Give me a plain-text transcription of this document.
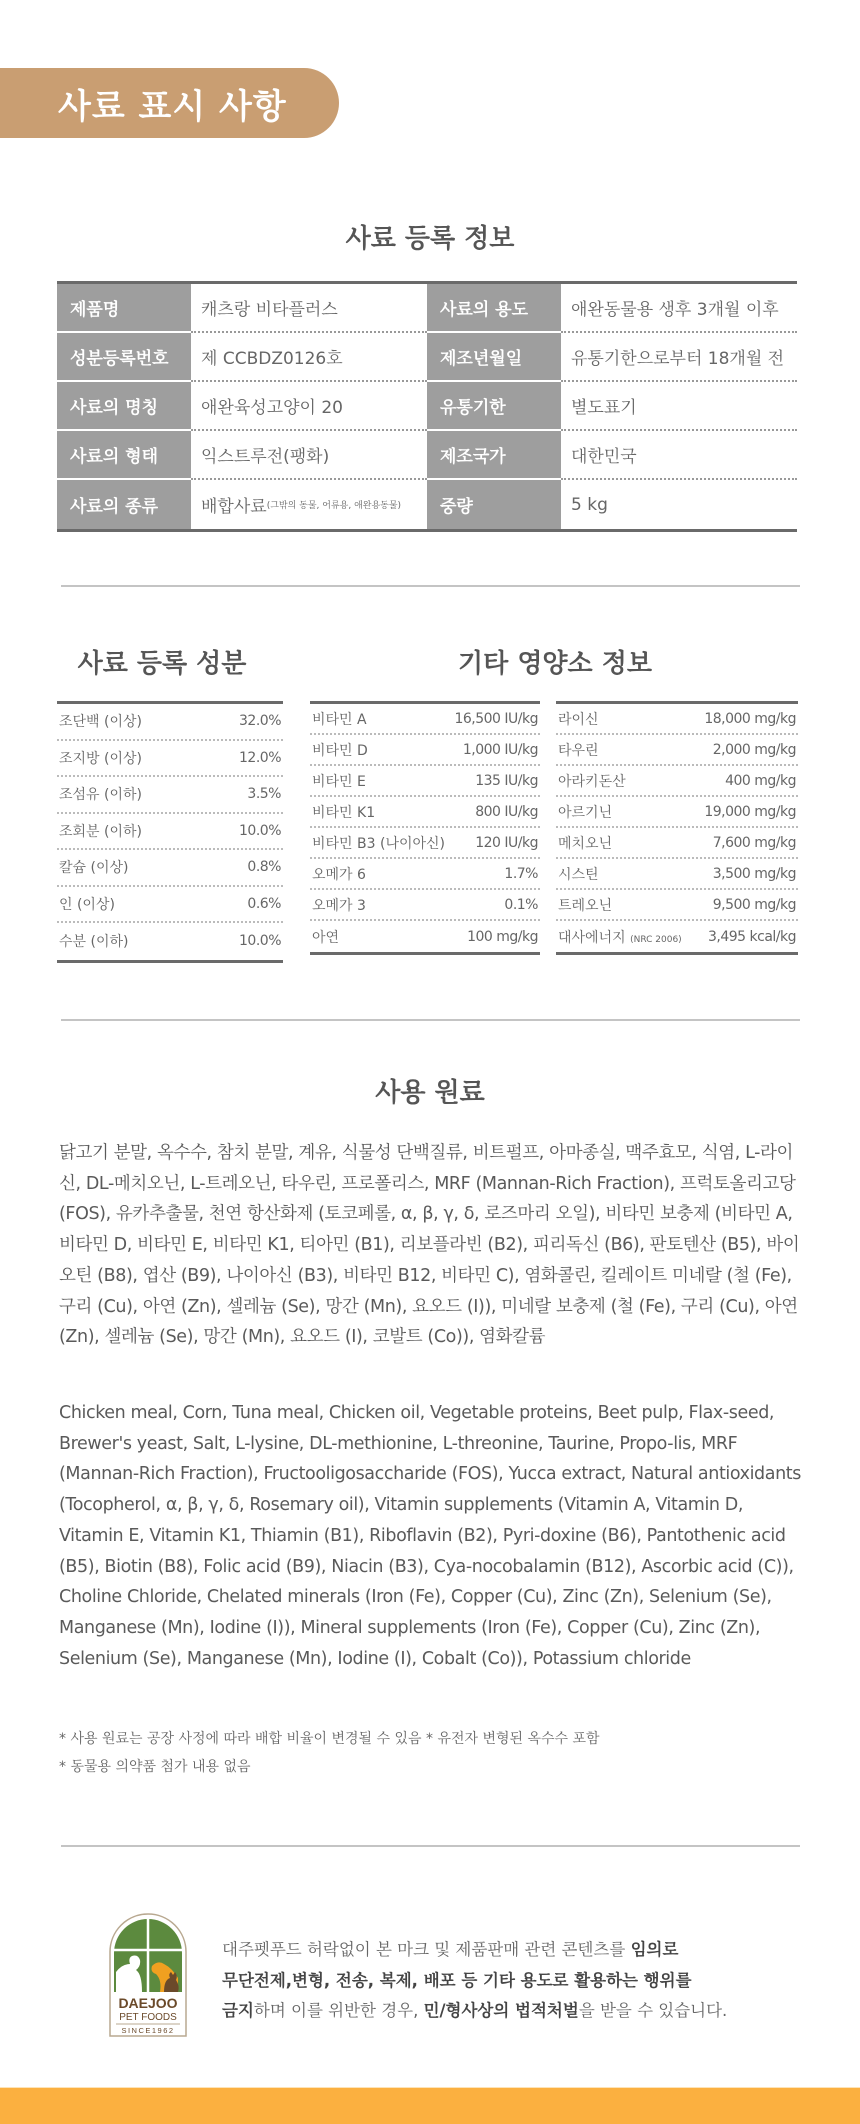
사료 표시 사항
사료 등록 정보
제품명	캐츠랑 비타플러스	사료의 용도	애완동물용 생후 3개월 이후
성분등록번호	제 CCBDZ0126호	제조년월일	유통기한으로부터 18개월 전
사료의 명칭	애완육성고양이 20	유통기한	별도표기
사료의 형태	익스트루전(팽화)	제조국가	대한민국
사료의 종류	배합사료 (그밖의 동물, 어류용, 애완용동물)	중량	5 kg
사료 등록 성분	기타 영양소 정보
조단백 (이상)	32.0%
조지방 (이상)	12.0%
조섬유 (이하)	3.5%
조회분 (이하)	10.0%
칼슘 (이상)	0.8%
인 (이상)	0.6%
수분 (이하)	10.0%
비타민 A	16,500 IU/kg
비타민 D	1,000 IU/kg
비타민 E	135 IU/kg
비타민 K1	800 IU/kg
비타민 B3 (나이아신) 120 IU/kg
오메가 6	1.7%
오메가 3	0.1%
아연	100 mg/kg
라이신	18,000 mg/kg
타우린	2,000 mg/kg
아라키돈산	400 mg/kg
아르기닌	19,000 mg/kg
메치오닌	7,600 mg/kg
시스틴	3,500 mg/kg
트레오닌	9,500 mg/kg
대사에너지 (NRC 2006) 3,495 kcal/kg
사용 원료

닭고기 분말, 옥수수, 참치 분말, 계유, 식물성 단백질류, 비트펄프, 아마종실, 맥주효모, 식염, L-라이신, DL-메치오닌, L-트레오닌, 타우린, 프로폴리스, MRF (Mannan-Rich Fraction), 프럭토올리고당 (FOS), 유카추출물, 천연 항산화제 (토코페롤, α, β, γ, δ, 로즈마리 오일), 비타민 보충제 (비타민 A, 비타민 D, 비타민 E, 비타민 K1, 티아민 (B1), 리보플라빈 (B2), 피리독신 (B6), 판토텐산 (B5), 바이오틴 (B8), 엽산 (B9), 나이아신 (B3), 비타민 B12, 비타민 C), 염화콜린, 킬레이트 미네랄 (철 (Fe), 구리 (Cu), 아연 (Zn), 셀레늄 (Se), 망간 (Mn), 요오드 (I)), 미네랄 보충제 (철 (Fe), 구리 (Cu), 아연 (Zn), 셀레늄 (Se), 망간 (Mn), 요오드 (I), 코발트 (Co)), 염화칼륨

Chicken meal, Corn, Tuna meal, Chicken oil, Vegetable proteins, Beet pulp, Flax-seed, Brewer's yeast, Salt, L-lysine, DL-methionine, L-threonine, Taurine, Propo-lis, MRF (Mannan-Rich Fraction), Fructooligosaccharide (FOS), Yucca extract, Natural antioxidants (Tocopherol, α, β, γ, δ, Rosemary oil), Vitamin supplements (Vitamin A, Vitamin D, Vitamin E, Vitamin K1, Thiamin (B1), Riboflavin (B2), Pyri-doxine (B6), Pantothenic acid (B5), Biotin (B8), Folic acid (B9), Niacin (B3), Cya-nocobalamin (B12), Ascorbic acid (C)), Choline Chloride, Chelated minerals (Iron (Fe), Copper (Cu), Zinc (Zn), Selenium (Se), Manganese (Mn), Iodine (I)), Mineral supplements (Iron (Fe), Copper (Cu), Zinc (Zn), Selenium (Se), Manganese (Mn), Iodine (I), Cobalt (Co)), Potassium chloride

* 사용 원료는 공장 사정에 따라 배합 비율이 변경될 수 있음 * 유전자 변형된 옥수수 포함
* 동물용 의약품 첨가 내용 없음
DAEJOO
PET FOODS
SINCE1962
대주펫푸드 허락없이 본 마크 및 제품판매 관련 콘텐츠를 임의로
무단전제,변형, 전송, 복제, 배포 등 기타 용도로 활용하는 행위를
금지하며 이를 위반한 경우, 민/형사상의 법적처벌을 받을 수 있습니다.
